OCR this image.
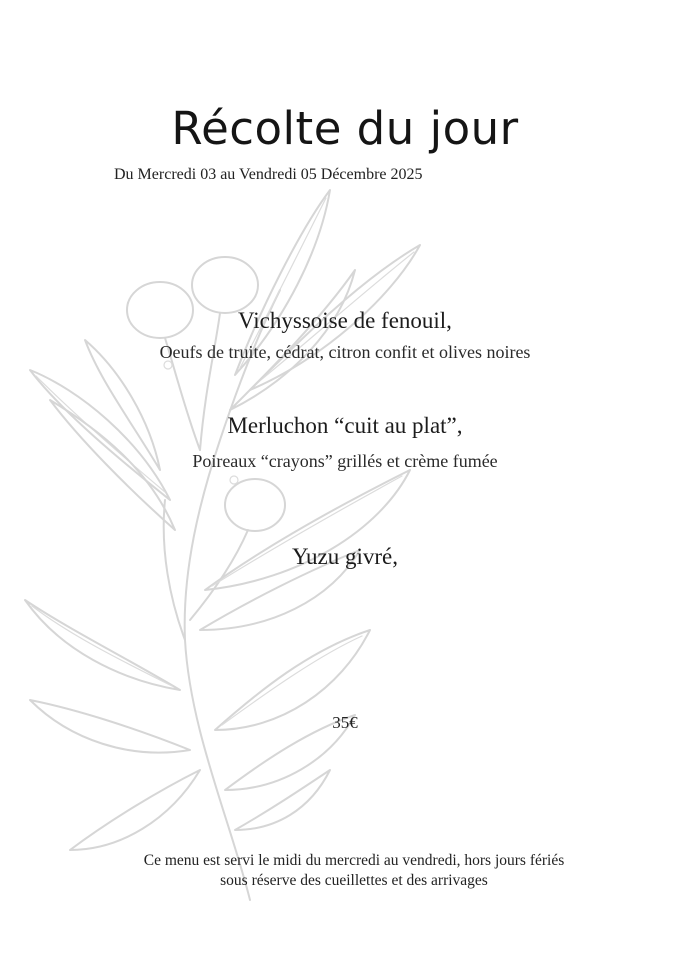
Récolte du jour
Du Mercredi 03 au Vendredi 05 Décembre 2025
Vichyssoise de fenouil,
Oeufs de truite, cédrat, citron confit et olives noires
Merluchon “cuit au plat”,
Poireaux “crayons” grillés et crème fumée
Yuzu givré,
35€
Ce menu est servi le midi du mercredi au vendredi, hors jours fériés
sous réserve des cueillettes et des arrivages
